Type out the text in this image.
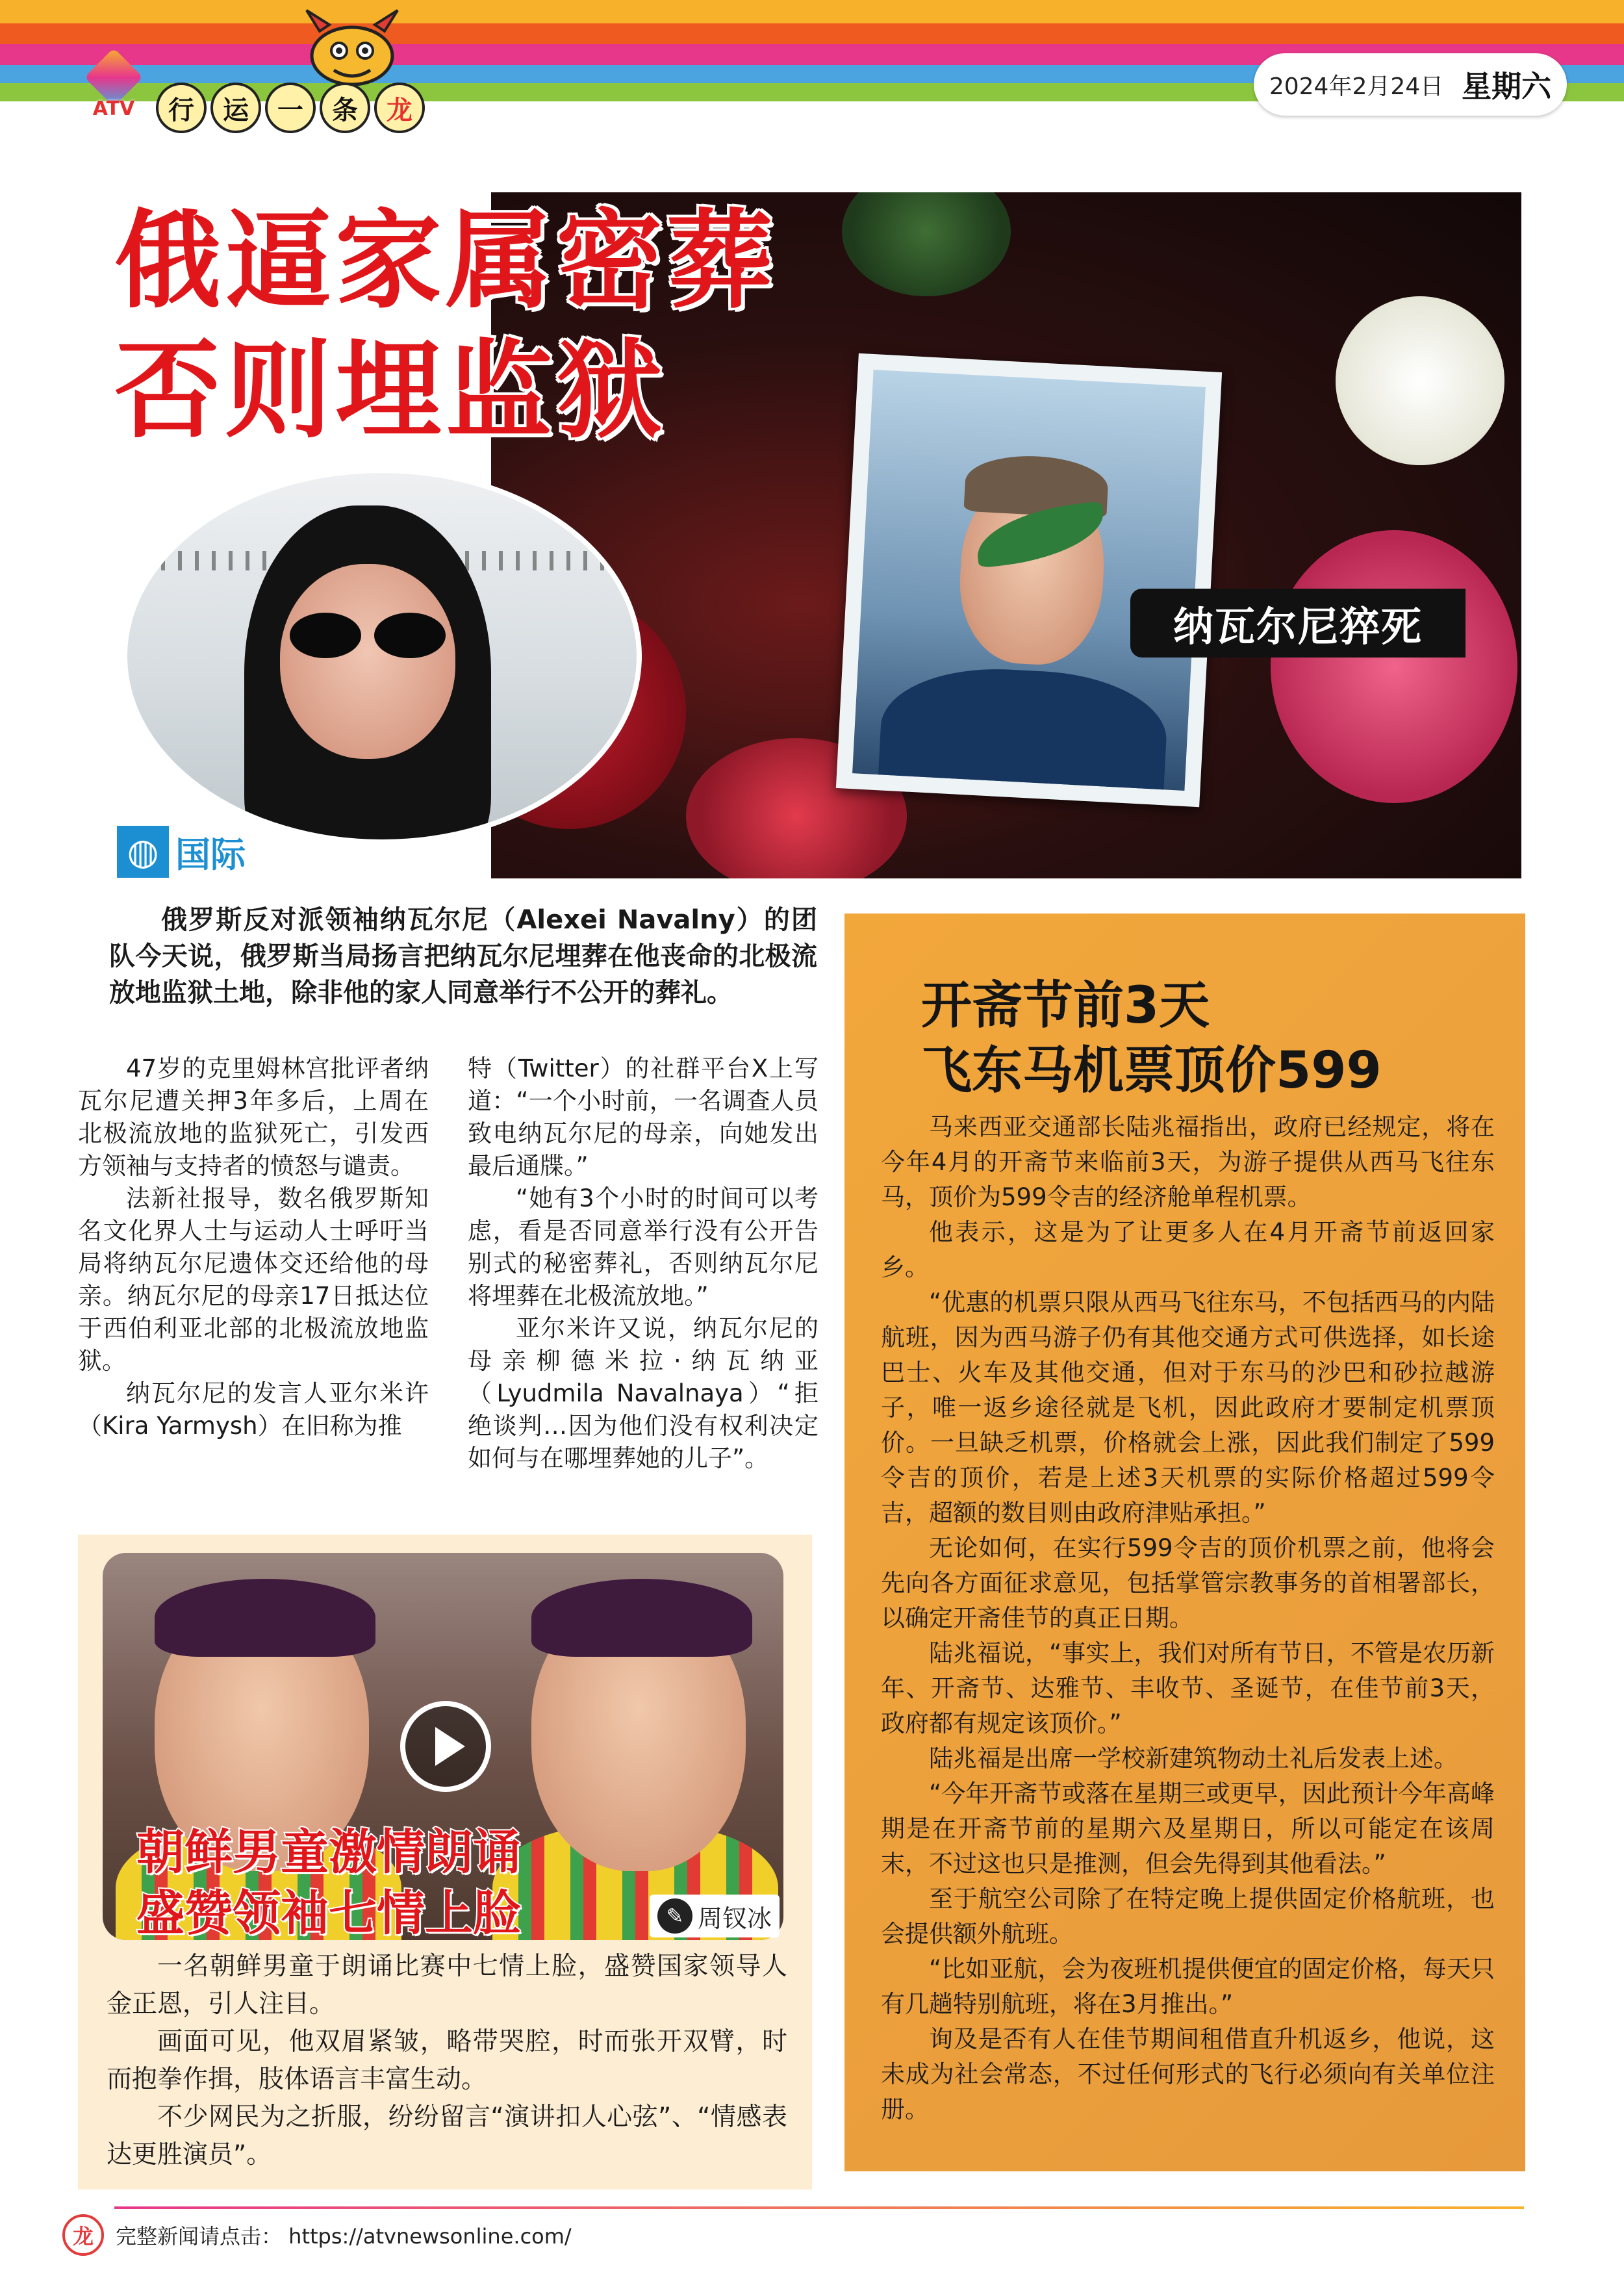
ATV	行	运	一	条	龙
2024年2月24日 星期六
纳瓦尔尼猝死
俄逼家属密葬
否则埋监狱
◍ 国际

俄罗斯反对派领袖纳瓦尔尼（Alexei Navalny）的团队今天说，俄罗斯当局扬言把纳瓦尔尼埋葬在他丧命的北极流放地监狱土地，除非他的家人同意举行不公开的葬礼。

47岁的克里姆林宫批评者纳瓦尔尼遭关押3年多后，上周在北极流放地的监狱死亡，引发西方领袖与支持者的愤怒与谴责。

法新社报导，数名俄罗斯知名文化界人士与运动人士呼吁当局将纳瓦尔尼遗体交还给他的母亲。纳瓦尔尼的母亲17日抵达位于西伯利亚北部的北极流放地监狱。

纳瓦尔尼的发言人亚尔米许（Kira Yarmysh）在旧称为推

特（Twitter）的社群平台X上写道：“一个小时前，一名调查人员致电纳瓦尔尼的母亲，向她发出最后通牒。”

“她有3个小时的时间可以考虑，看是否同意举行没有公开告别式的秘密葬礼，否则纳瓦尔尼将埋葬在北极流放地。”

亚尔米许又说，纳瓦尔尼的母亲柳德米拉·纳瓦纳亚（Lyudmila Navalnaya）“拒绝谈判…因为他们没有权利决定如何与在哪埋葬她的儿子”。

朝鲜男童激情朗诵
盛赞领袖七情上脸	✎ 周钗冰

一名朝鲜男童于朗诵比赛中七情上脸，盛赞国家领导人金正恩，引人注目。

画面可见，他双眉紧皱，略带哭腔，时而张开双臂，时而抱拳作揖，肢体语言丰富生动。

不少网民为之折服，纷纷留言“演讲扣人心弦”、“情感表达更胜演员”。

开斋节前3天
飞东马机票顶价599

马来西亚交通部长陆兆福指出，政府已经规定，将在今年4月的开斋节来临前3天，为游子提供从西马飞往东马，顶价为599令吉的经济舱单程机票。

他表示，这是为了让更多人在4月开斋节前返回家乡。

“优惠的机票只限从西马飞往东马，不包括西马的内陆航班，因为西马游子仍有其他交通方式可供选择，如长途巴士、火车及其他交通，但对于东马的沙巴和砂拉越游子，唯一返乡途径就是飞机，因此政府才要制定机票顶价。一旦缺乏机票，价格就会上涨，因此我们制定了599令吉的顶价，若是上述3天机票的实际价格超过599令吉，超额的数目则由政府津贴承担。”

无论如何，在实行599令吉的顶价机票之前，他将会先向各方面征求意见，包括掌管宗教事务的首相署部长，以确定开斋佳节的真正日期。

陆兆福说，“事实上，我们对所有节日，不管是农历新年、开斋节、达雅节、丰收节、圣诞节，在佳节前3天，政府都有规定该顶价。”

陆兆福是出席一学校新建筑物动土礼后发表上述。

“今年开斋节或落在星期三或更早，因此预计今年高峰期是在开斋节前的星期六及星期日，所以可能定在该周末，不过这也只是推测，但会先得到其他看法。”

至于航空公司除了在特定晚上提供固定价格航班，也会提供额外航班。

“比如亚航，会为夜班机提供便宜的固定价格，每天只有几趟特别航班，将在3月推出。”

询及是否有人在佳节期间租借直升机返乡，他说，这未成为社会常态，不过任何形式的飞行必须向有关单位注册。

龙	完整新闻请点击： https://atvnewsonline.com/
